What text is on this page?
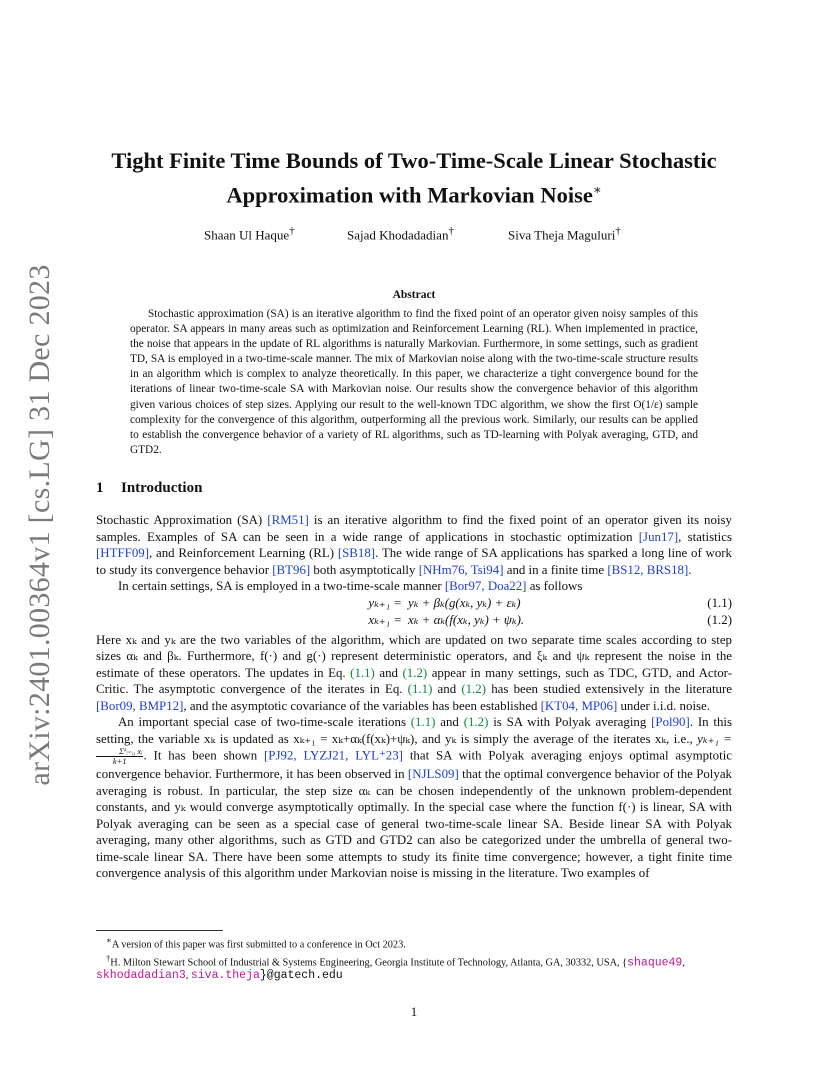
arXiv:2401.00364v1 [cs.LG] 31 Dec 2023
Tight Finite Time Bounds of Two-Time-Scale Linear Stochastic Approximation with Markovian Noise∗
Shaan Ul Haque†	Sajad Khodadadian†	Siva Theja Maguluri†
Abstract

Stochastic approximation (SA) is an iterative algorithm to find the fixed point of an operator given noisy samples of this operator. SA appears in many areas such as optimization and Reinforcement Learning (RL). When implemented in practice, the noise that appears in the update of RL algorithms is naturally Markovian. Furthermore, in some settings, such as gradient TD, SA is employed in a two-time-scale manner. The mix of Markovian noise along with the two-time-scale structure results in an algorithm which is complex to analyze theoretically. In this paper, we characterize a tight convergence bound for the iterations of linear two-time-scale SA with Markovian noise. Our results show the convergence behavior of this algorithm given various choices of step sizes. Applying our result to the well-known TDC algorithm, we show the first O(1/ε) sample complexity for the convergence of this algorithm, outperforming all the previous work. Similarly, our results can be applied to establish the convergence behavior of a variety of RL algorithms, such as TD-learning with Polyak averaging, GTD, and GTD2.

1 Introduction

Stochastic Approximation (SA) [RM51] is an iterative algorithm to find the fixed point of an operator given its noisy samples. Examples of SA can be seen in a wide range of applications in stochastic optimization [Jun17], statistics [HTFF09], and Reinforcement Learning (RL) [SB18]. The wide range of SA applications has sparked a long line of work to study its convergence behavior [BT96] both asymptotically [NHm76, Tsi94] and in a finite time [BS12, BRS18].

In certain settings, SA is employed in a two-time-scale manner [Bor97, Doa22] as follows

yₖ₊₁ = yₖ + βₖ(g(xₖ, yₖ) + εₖ)	(1.1)
xₖ₊₁ = xₖ + αₖ(f(xₖ, yₖ) + ψₖ).	(1.2)

Here xₖ and yₖ are the two variables of the algorithm, which are updated on two separate time scales according to step sizes αₖ and βₖ. Furthermore, f(·) and g(·) represent deterministic operators, and ξₖ and ψₖ represent the noise in the estimate of these operators. The updates in Eq. (1.1) and (1.2) appear in many settings, such as TDC, GTD, and Actor-Critic. The asymptotic convergence of the iterates in Eq. (1.1) and (1.2) has been studied extensively in the literature [Bor09, BMP12], and the asymptotic covariance of the variables has been established [KT04, MP06] under i.i.d. noise.

An important special case of two-time-scale iterations (1.1) and (1.2) is SA with Polyak averaging [Pol90]. In this setting, the variable xₖ is updated as xₖ₊₁ = xₖ+αₖ(f(xₖ)+ψₖ), and yₖ is simply the average of the iterates xₖ, i.e., yₖ₊₁ =
$\frac{\text{Σᵏᵢ₌₀ xᵢ}}{k+1}$. It has been shown [PJ92, LYZJ21, LYL⁺23] that SA with Polyak averaging enjoys optimal asymptotic convergence behavior. Furthermore, it has been observed in [NJLS09] that the optimal convergence behavior of the Polyak averaging is robust. In particular, the step size αₖ can be chosen independently of the unknown problem-dependent constants, and yₖ would converge asymptotically optimally. In the special case where the function f(·) is linear, SA with Polyak averaging can be seen as a special case of general two-time-scale linear SA. Beside linear SA with Polyak averaging, many other algorithms, such as GTD and GTD2 can also be categorized under the umbrella of general two-time-scale linear SA. There have been some attempts to study its finite time convergence; however, a tight finite time convergence analysis of this algorithm under Markovian noise is missing in the literature. Two examples of

∗A version of this paper was first submitted to a conference in Oct 2023.

†H. Milton Stewart School of Industrial & Systems Engineering, Georgia Institute of Technology, Atlanta, GA, 30332, USA, {shaque49, skhodadadian3, siva.theja}@gatech.edu

1
